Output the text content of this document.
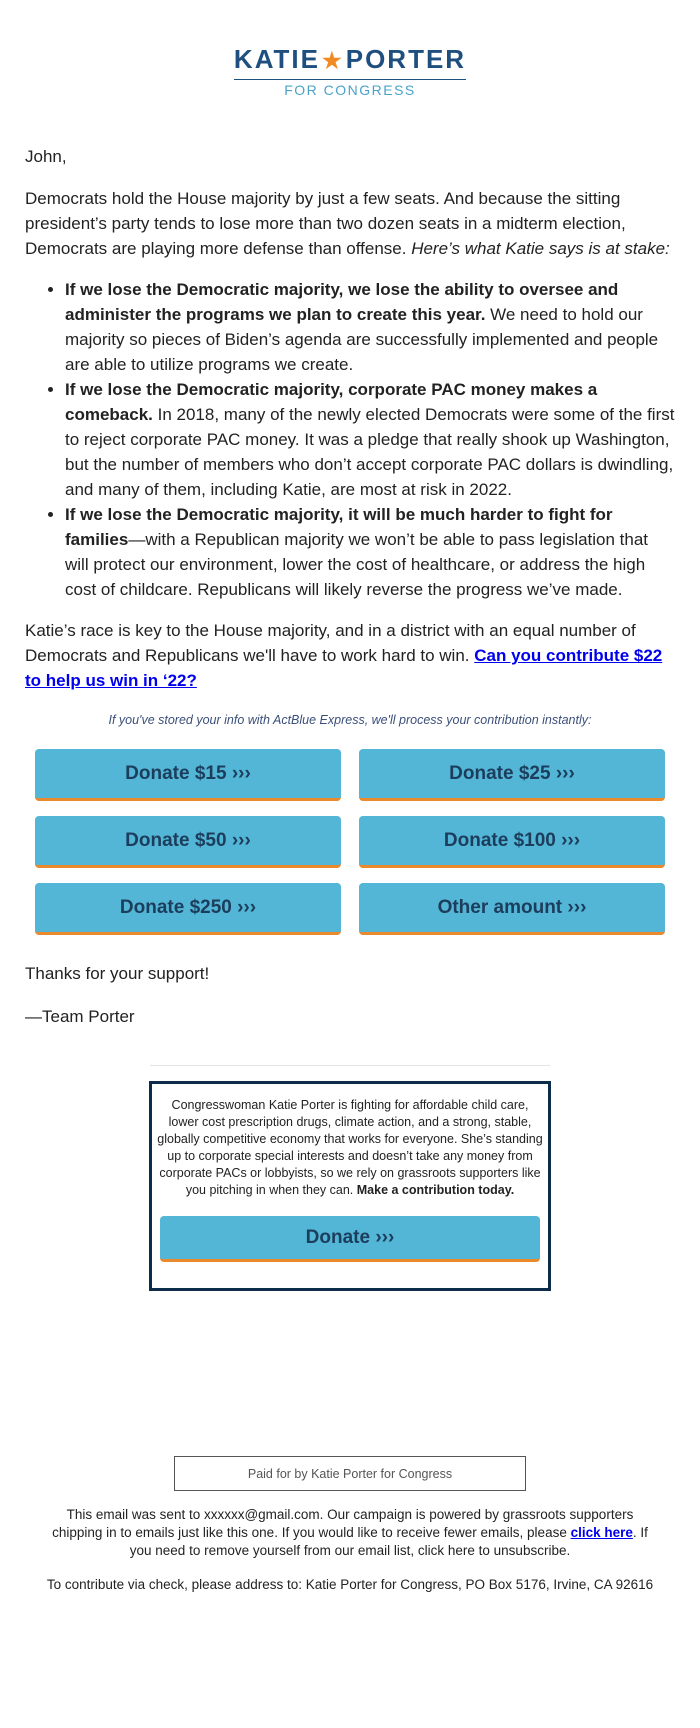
KATIE★PORTER
FOR CONGRESS

John,

Democrats hold the House majority by just a few seats. And because the sitting president’s party tends to lose more than two dozen seats in a midterm election, Democrats are playing more defense than offense. Here’s what Katie says is at stake:

• If we lose the Democratic majority, we lose the ability to oversee and administer the programs we plan to create this year. We need to hold our majority so pieces of Biden’s agenda are successfully implemented and people are able to utilize programs we create.
• If we lose the Democratic majority, corporate PAC money makes a comeback. In 2018, many of the newly elected Democrats were some of the first to reject corporate PAC money. It was a pledge that really shook up Washington, but the number of members who don’t accept corporate PAC dollars is dwindling, and many of them, including Katie, are most at risk in 2022.
• If we lose the Democratic majority, it will be much harder to fight for families—with a Republican majority we won’t be able to pass legislation that will protect our environment, lower the cost of healthcare, or address the high cost of childcare. Republicans will likely reverse the progress we’ve made.

Katie’s race is key to the House majority, and in a district with an equal number of Democrats and Republicans we'll have to work hard to win. Can you contribute $22 to help us win in ‘22?

If you've stored your info with ActBlue Express, we'll process your contribution instantly:

Donate $15 ›››	Donate $25 ›››
Donate $50 ›››	Donate $100 ›››
Donate $250 ›››	Other amount ›››

Thanks for your support!

—Team Porter

Congresswoman Katie Porter is fighting for affordable child care, lower cost prescription drugs, climate action, and a strong, stable, globally competitive economy that works for everyone. She’s standing up to corporate special interests and doesn’t take any money from corporate PACs or lobbyists, so we rely on grassroots supporters like you pitching in when they can. Make a contribution today.

Donate ›››
Paid for by Katie Porter for Congress

This email was sent to xxxxxx@gmail.com. Our campaign is powered by grassroots supporters chipping in to emails just like this one. If you would like to receive fewer emails, please click here. If you need to remove yourself from our email list, click here to unsubscribe.

To contribute via check, please address to: Katie Porter for Congress, PO Box 5176, Irvine, CA 92616
